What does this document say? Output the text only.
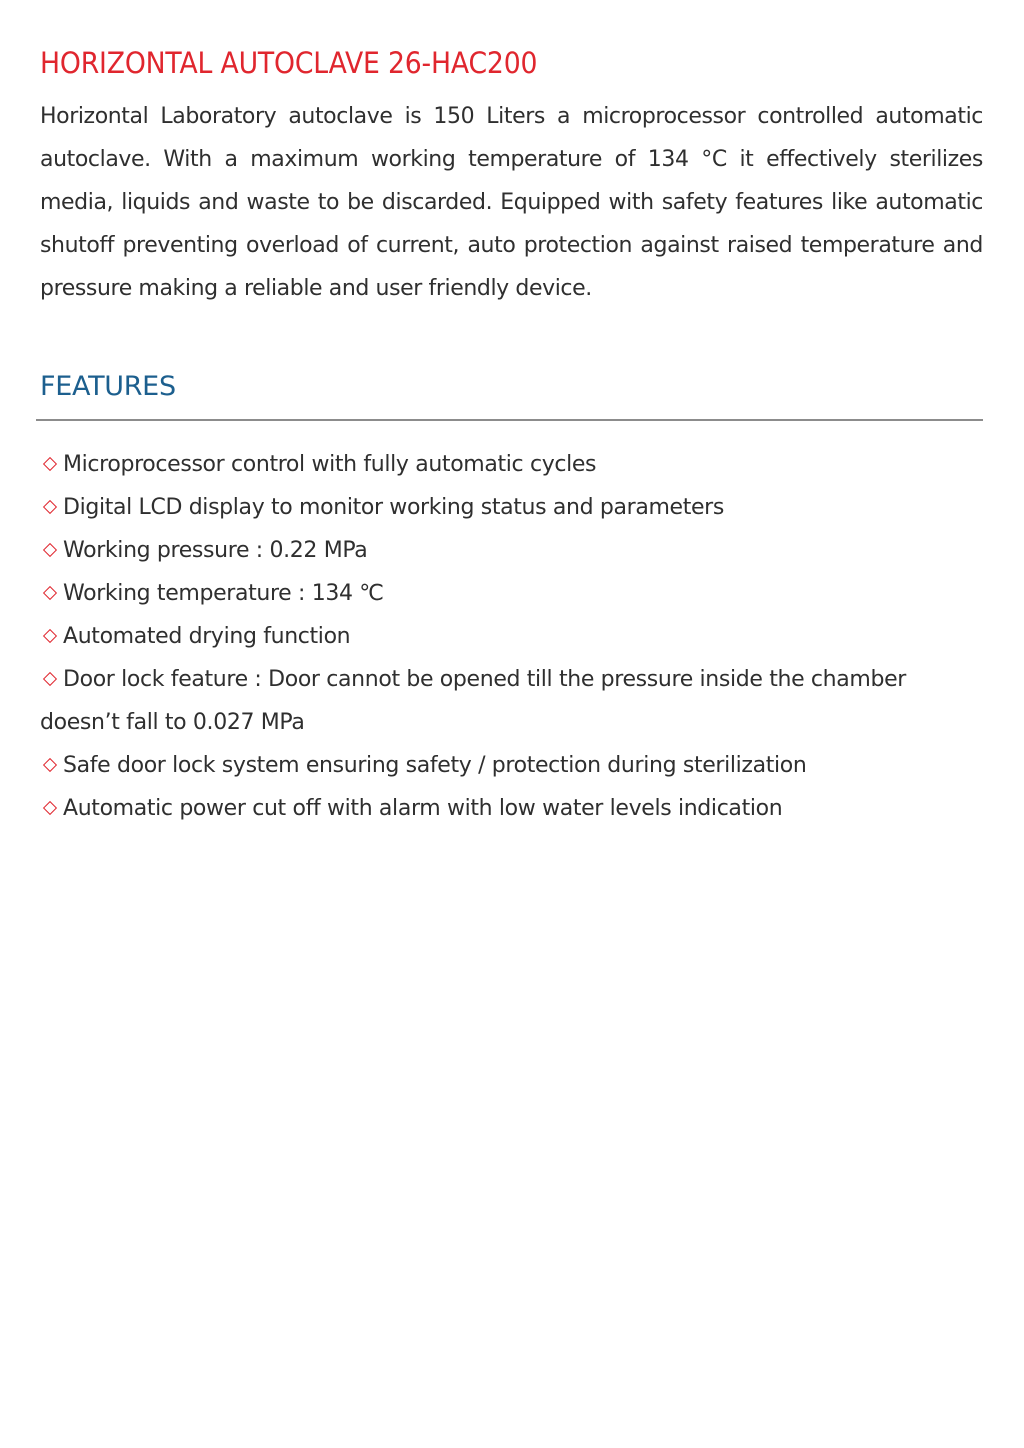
HORIZONTAL AUTOCLAVE 26-HAC200

Horizontal Laboratory autoclave is 150 Liters a microprocessor controlled automatic autoclave. With a maximum working temperature of 134 °C it effectively sterilizes media, liquids and waste to be discarded. Equipped with safety features like automatic shutoff preventing overload of current, auto protection against raised temperature and pressure making a reliable and user friendly device.

FEATURES
Microprocessor control with fully automatic cycles
Digital LCD display to monitor working status and parameters
Working pressure : 0.22 MPa
Working temperature : 134 ℃
Automated drying function
Door lock feature : Door cannot be opened till the pressure inside the chamber doesn’t fall to 0.027 MPa
Safe door lock system ensuring safety / protection during sterilization
Automatic power cut off with alarm with low water levels indication
